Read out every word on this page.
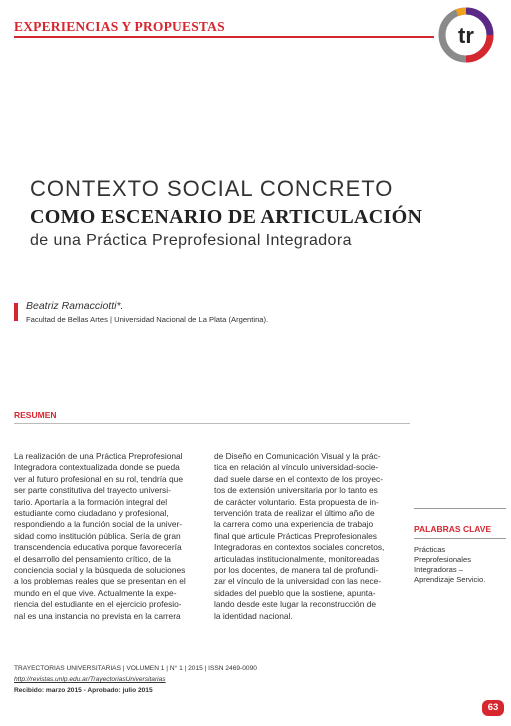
EXPERIENCIAS Y PROPUESTAS	tr
CONTEXTO SOCIAL CONCRETO
COMO ESCENARIO DE ARTICULACIÓN
de una Práctica Preprofesional Integradora
Beatriz Ramacciotti*.
Facultad de Bellas Artes | Universidad Nacional de La Plata (Argentina).
RESUMEN
La realización de una Práctica Preprofesional
Integradora contextualizada donde se pueda
ver al futuro profesional en su rol, tendría que
ser parte constitutiva del trayecto universi-
tario. Aportaría a la formación integral del
estudiante como ciudadano y profesional,
respondiendo a la función social de la univer-
sidad como institución pública. Sería de gran
transcendencia educativa porque favorecería
el desarrollo del pensamiento crítico, de la
conciencia social y la búsqueda de soluciones
a los problemas reales que se presentan en el
mundo en el que vive. Actualmente la expe-
riencia del estudiante en el ejercicio profesio-
nal es una instancia no prevista en la carrera
de Diseño en Comunicación Visual y la prác-
tica en relación al vínculo universidad-socie-
dad suele darse en el contexto de los proyec-
tos de extensión universitaria por lo tanto es
de carácter voluntario. Esta propuesta de in-
tervención trata de realizar el último año de
la carrera como una experiencia de trabajo
final que articule Prácticas Preprofesionales
Integradoras en contextos sociales concretos,
articuladas institucionalmente, monitoreadas
por los docentes, de manera tal de profundi-
zar el vínculo de la universidad con las nece-
sidades del pueblo que la sostiene, apunta-
lando desde este lugar la reconstrucción de
la identidad nacional.
PALABRAS CLAVE
Prácticas
Preprofesionales
Integradoras –
Aprendizaje Servicio.
TRAYECTORIAS UNIVERSITARIAS | VOLUMEN 1 | N° 1 | 2015 | ISSN 2469-0090
http://revistas.unlp.edu.ar/TrayectoriasUniversitarias
Recibido: marzo 2015 - Aprobado: julio 2015
63
